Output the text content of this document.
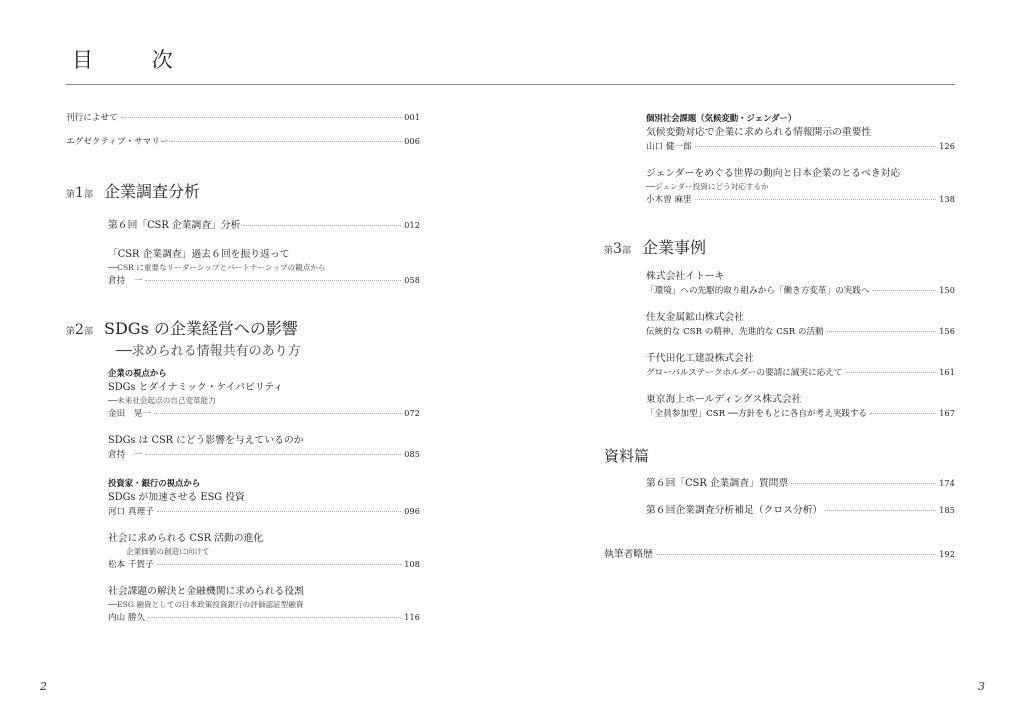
目　次
刊行によせて	001
エグゼクティブ・サマリー	006
第1部 企業調査分析
第６回「CSR 企業調査」分析	012
「CSR 企業調査」過去６回を振り返って
──CSR に重要なリーダーシップとパートナーシップの観点から
倉持　一	058
第2部 SDGs の企業経営への影響
──求められる情報共有のあり方
企業の視点から
SDGs とダイナミック・ケイパビリティ
──未来社会起点の自己変革能力
金田　晃一	072
SDGs は CSR にどう影響を与えているのか
倉持　一	085
投資家・銀行の視点から
SDGs が加速させる ESG 投資
河口 真理子	096
社会に求められる CSR 活動の進化
企業価値の創造に向けて
松本 千賀子	108
社会課題の解決と金融機関に求められる役割
──ESG 融資としての日本政策投資銀行の評価認証型融資
内山 勝久	116
個別社会課題（気候変動・ジェンダー）
気候変動対応で企業に求められる情報開示の重要性
山口 健一郎	126
ジェンダーをめぐる世界の動向と日本企業のとるべき対応
──ジェンダー投資にどう対応するか
小木曽 麻里	138
第3部 企業事例
株式会社イトーキ
「環境」への先駆的取り組みから「働き方変革」の実践へ	150
住友金属鉱山株式会社
伝統的な CSR の精神、先進的な CSR の活動	156
千代田化工建設株式会社
グローバルステークホルダーの要請に誠実に応えて	161
東京海上ホールディングス株式会社
「全員参加型」CSR ──方針をもとに各自が考え実践する	167
資料篇
第６回「CSR 企業調査」質問票	174
第６回企業調査分析補足（クロス分析）	185
執筆者略歴	192
2	3
